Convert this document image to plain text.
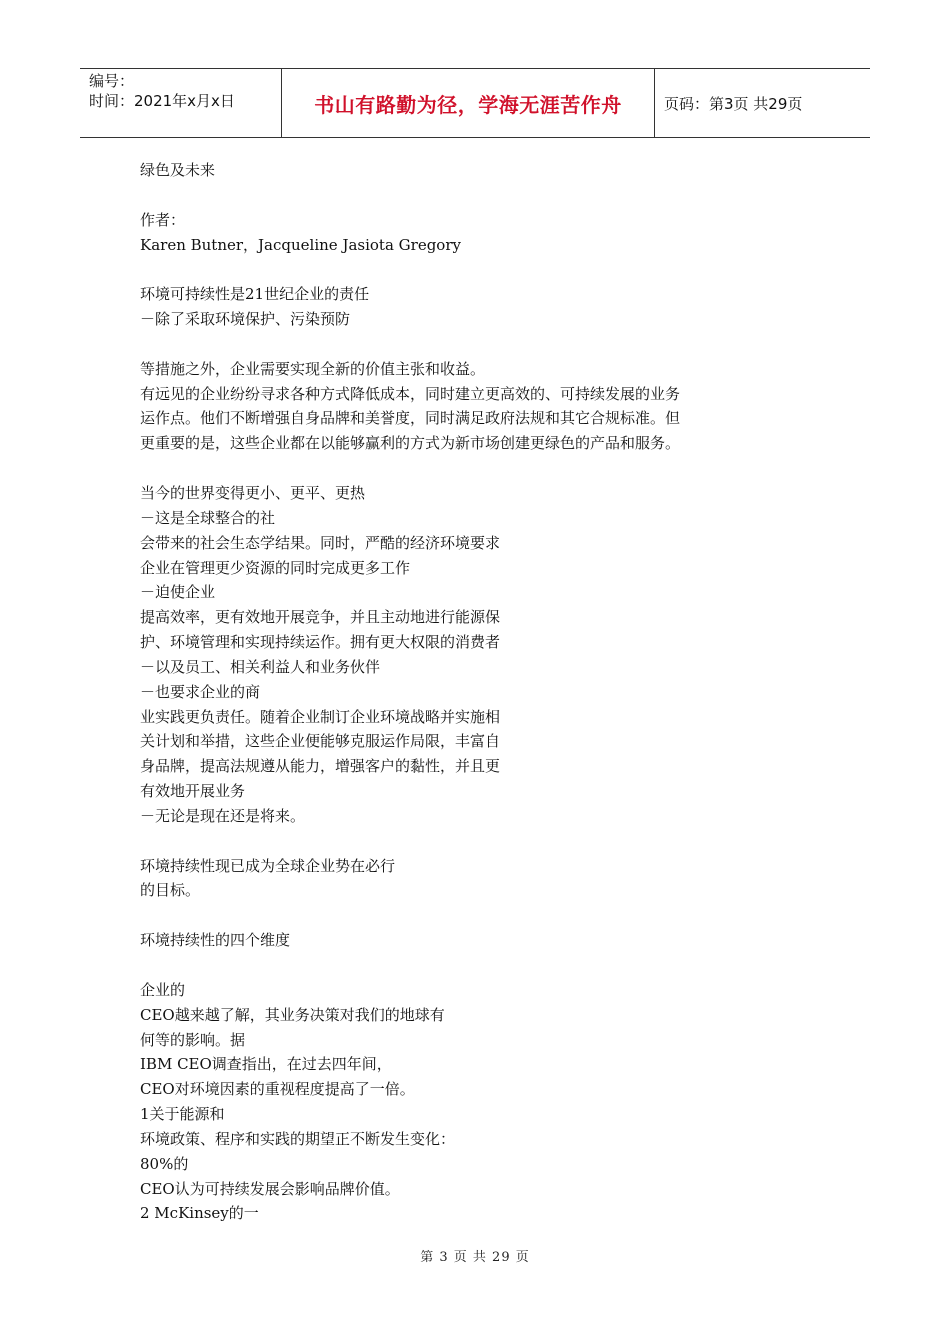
编号：
时间：2021年x月x日	书山有路勤为径，学海无涯苦作舟	页码：第3页 共29页

绿色及未来

作者：

Karen Butner，Jacqueline Jasiota Gregory

环境可持续性是21世纪企业的责任

－除了采取环境保护、污染预防

等措施之外，企业需要实现全新的价值主张和收益。

有远见的企业纷纷寻求各种方式降低成本，同时建立更高效的、可持续发展的业务

运作点。他们不断增强自身品牌和美誉度，同时满足政府法规和其它合规标准。但

更重要的是，这些企业都在以能够赢利的方式为新市场创建更绿色的产品和服务。

当今的世界变得更小、更平、更热

－这是全球整合的社

会带来的社会生态学结果。同时，严酷的经济环境要求

企业在管理更少资源的同时完成更多工作

－迫使企业

提高效率，更有效地开展竞争，并且主动地进行能源保

护、环境管理和实现持续运作。拥有更大权限的消费者

－以及员工、相关利益人和业务伙伴

－也要求企业的商

业实践更负责任。随着企业制订企业环境战略并实施相

关计划和举措，这些企业便能够克服运作局限，丰富自

身品牌，提高法规遵从能力，增强客户的黏性，并且更

有效地开展业务

－无论是现在还是将来。

环境持续性现已成为全球企业势在必行

的目标。

环境持续性的四个维度

企业的

CEO越来越了解，其业务决策对我们的地球有

何等的影响。据

IBM CEO调查指出，在过去四年间，

CEO对环境因素的重视程度提高了一倍。

1关于能源和

环境政策、程序和实践的期望正不断发生变化：

80%的

CEO认为可持续发展会影响品牌价值。

2 McKinsey的一

第 3 页 共 29 页
